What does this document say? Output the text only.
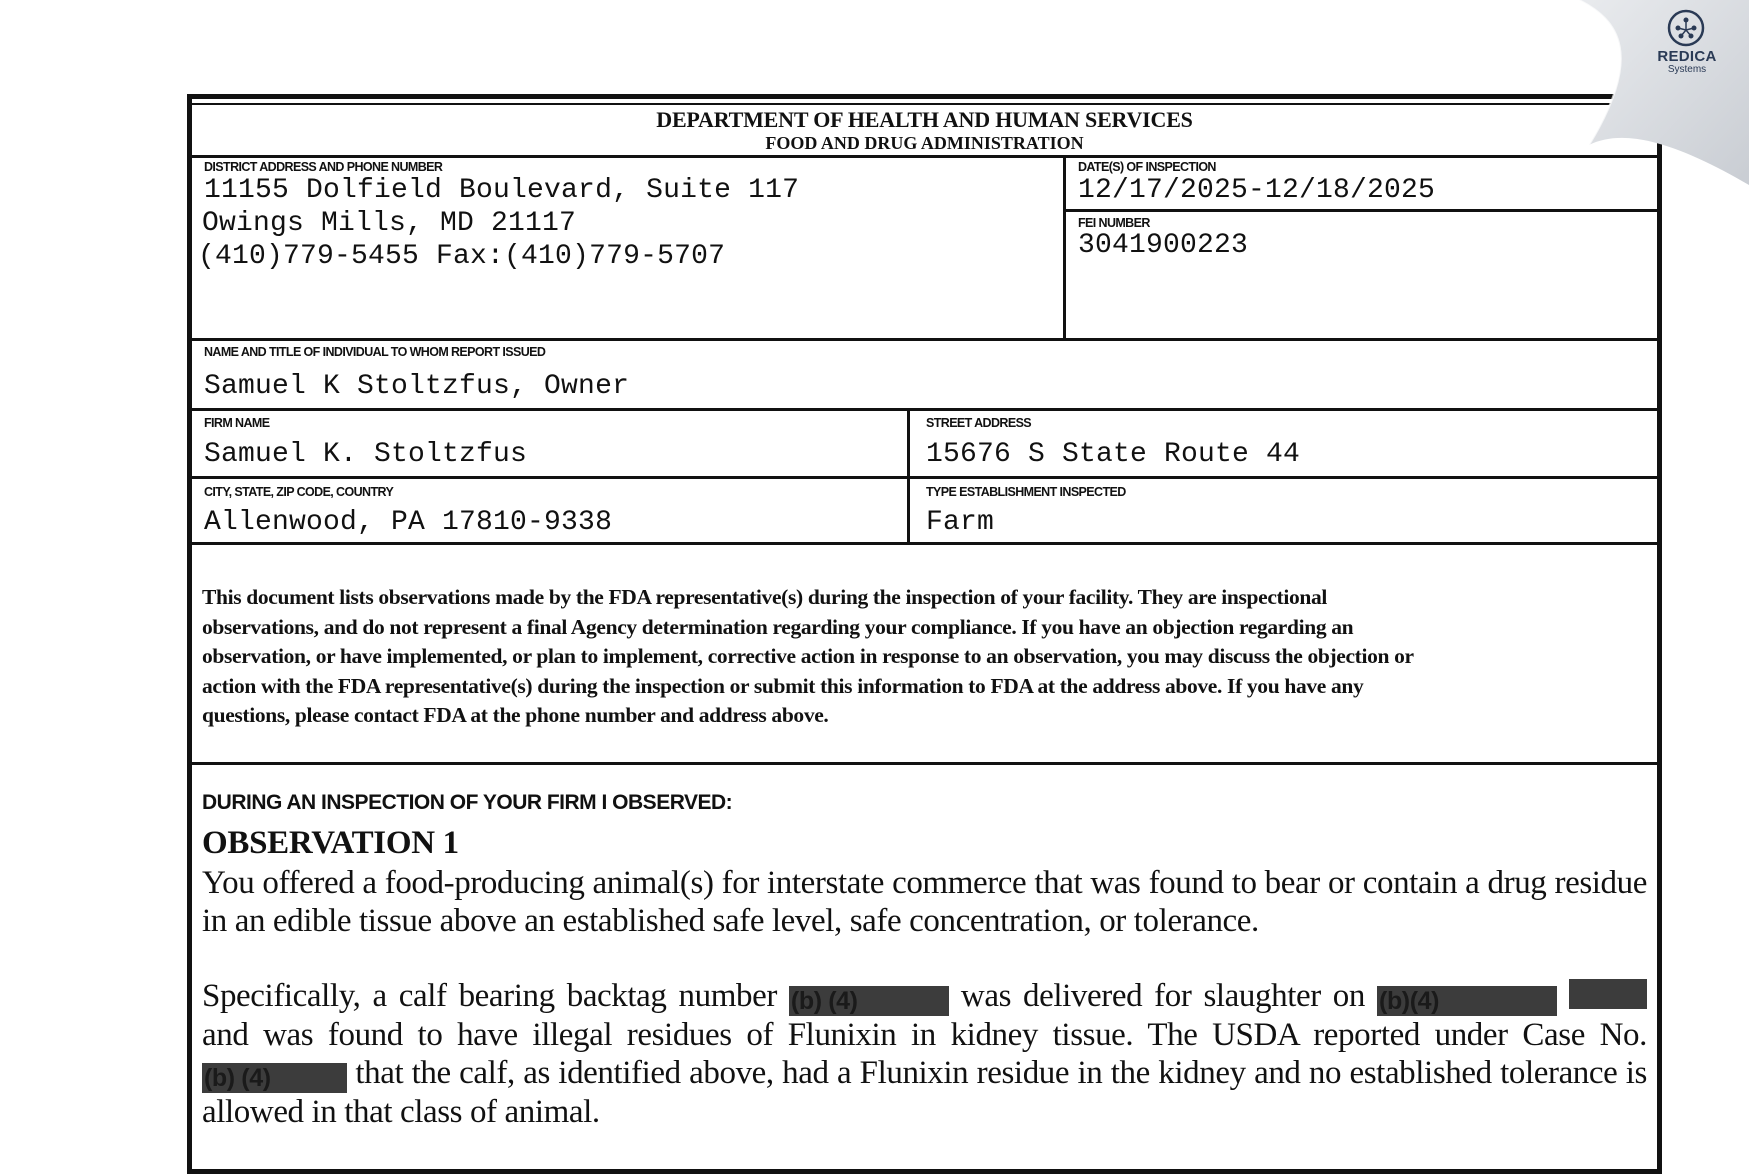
DEPARTMENT OF HEALTH AND HUMAN SERVICES
FOOD AND DRUG ADMINISTRATION
DISTRICT ADDRESS AND PHONE NUMBER
11155 Dolfield Boulevard, Suite 117
Owings Mills, MD 21117
(410)779-5455 Fax:(410)779-5707
DATE(S) OF INSPECTION
12/17/2025-12/18/2025
FEI NUMBER
3041900223
NAME AND TITLE OF INDIVIDUAL TO WHOM REPORT ISSUED
Samuel K Stoltzfus, Owner
FIRM NAME
Samuel K. Stoltzfus
STREET ADDRESS
15676 S State Route 44
CITY, STATE, ZIP CODE, COUNTRY
Allenwood, PA 17810-9338
TYPE ESTABLISHMENT INSPECTED
Farm
This document lists observations made by the FDA representative(s) during the inspection of your facility. They are inspectional
observations, and do not represent a final Agency determination regarding your compliance. If you have an objection regarding an
observation, or have implemented, or plan to implement, corrective action in response to an observation, you may discuss the objection or
action with the FDA representative(s) during the inspection or submit this information to FDA at the address above. If you have any
questions, please contact FDA at the phone number and address above.
DURING AN INSPECTION OF YOUR FIRM I OBSERVED:
OBSERVATION 1
You offered a food-producing animal(s) for interstate commerce that was found to bear or contain a drug residue in an edible tissue above an established safe level, safe concentration, or tolerance.
Specifically, a calf bearing backtag number (b) (4)	was delivered for slaughter on (b)(4)  and was found to have illegal residues of Flunixin in kidney tissue. The USDA reported under Case No. (b) (4)	that the calf, as identified above, had a Flunixin residue in the kidney and no established tolerance is allowed in that class of animal.
REDICA
Systems
